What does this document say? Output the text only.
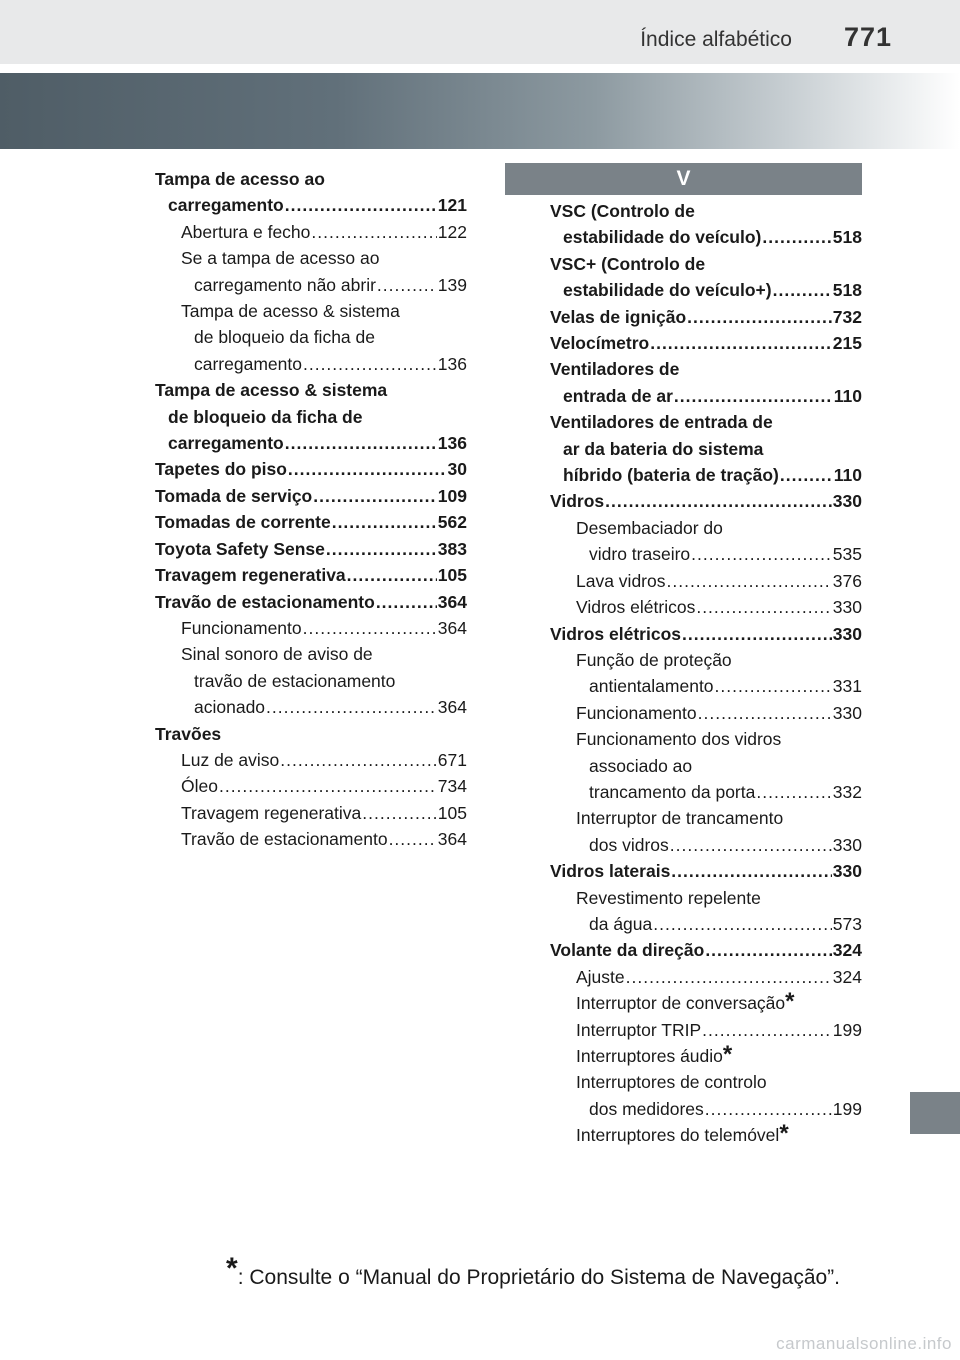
Índice alfabético 771
Tampa de acesso ao
carregamento .....	121
Abertura e fecho .....	122
Se a tampa de acesso ao
carregamento não abrir .....	139
Tampa de acesso & sistema
de bloqueio da ficha de
carregamento .....	136
Tampa de acesso & sistema
de bloqueio da ficha de
carregamento .....	136
Tapetes do piso .....	30
Tomada de serviço .....	109
Tomadas de corrente .....	562
Toyota Safety Sense .....	383
Travagem regenerativa .....	105
Travão de estacionamento .....	364
Funcionamento .....	364
Sinal sonoro de aviso de
travão de estacionamento
acionado .....	364
Travões
Luz de aviso .....	671
Óleo .....	734
Travagem regenerativa .....	105
Travão de estacionamento .....	364
V
VSC (Controlo de
estabilidade do veículo) .....	518
VSC+ (Controlo de
estabilidade do veículo+) .....	518
Velas de ignição .....	732
Velocímetro .....	215
Ventiladores de
entrada de ar .....	110
Ventiladores de entrada de
ar da bateria do sistema
híbrido (bateria de tração) .....	110
Vidros .....	330
Desembaciador do
vidro traseiro .....	535
Lava vidros .....	376
Vidros elétricos .....	330
Vidros elétricos .....	330
Função de proteção
antientalamento .....	331
Funcionamento .....	330
Funcionamento dos vidros
associado ao
trancamento da porta .....	332
Interruptor de trancamento
dos vidros .....	330
Vidros laterais .....	330
Revestimento repelente
da água .....	573
Volante da direção .....	324
Ajuste .....	324
Interruptor de conversação *
Interruptor TRIP .....	199
Interruptores áudio *
Interruptores de controlo
dos medidores .....	199
Interruptores do telemóvel *
*: Consulte o “Manual do Proprietário do Sistema de Navegação”.
carmanualsonline.info
